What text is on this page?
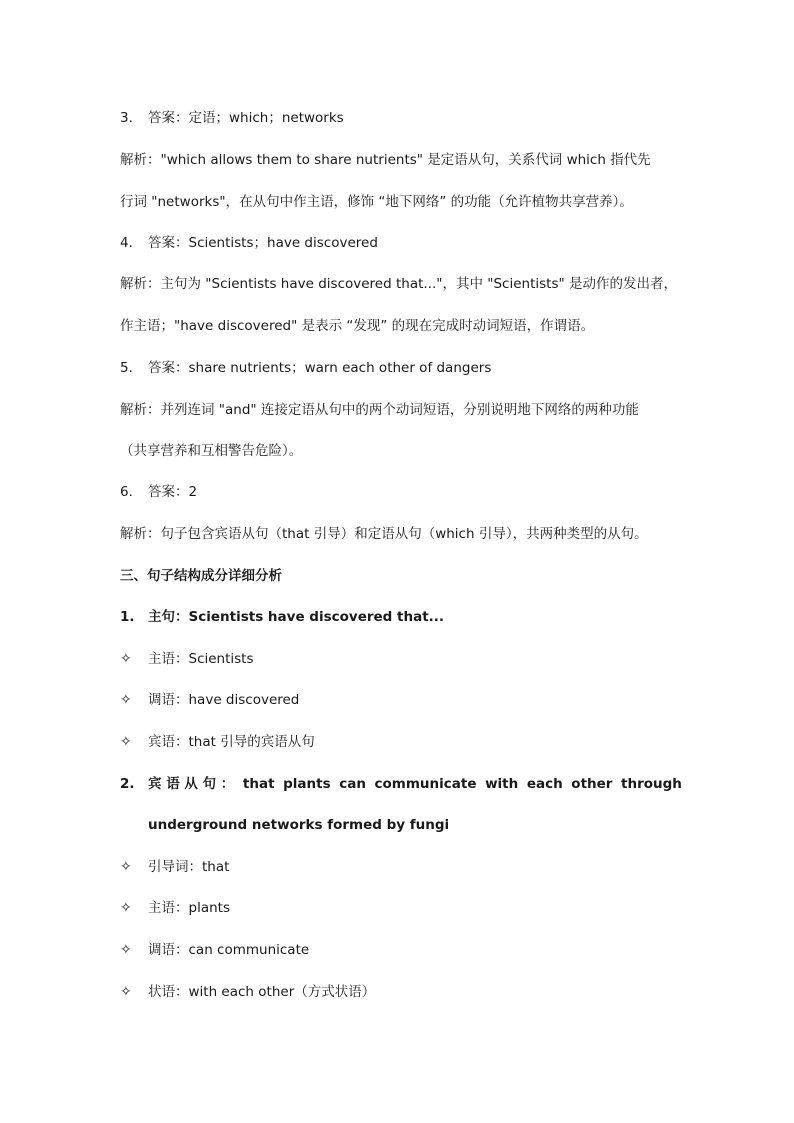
3. 答案：定语；which；networks
解析："which allows them to share nutrients" 是定语从句，关系代词 which 指代先
行词 "networks"，在从句中作主语，修饰 “地下网络” 的功能（允许植物共享营养）。
4. 答案：Scientists；have discovered
解析：主句为 "Scientists have discovered that..."，其中 "Scientists" 是动作的发出者，
作主语；"have discovered" 是表示 “发现” 的现在完成时动词短语，作谓语。
5. 答案：share nutrients；warn each other of dangers
解析：并列连词 "and" 连接定语从句中的两个动词短语，分别说明地下网络的两种功能
（共享营养和互相警告危险）。
6. 答案：2
解析：句子包含宾语从句（that 引导）和定语从句（which 引导），共两种类型的从句。
三、句子结构成分详细分析
1. 主句：Scientists have discovered that...
✧ 主语：Scientists
✧ 调语：have discovered
✧ 宾语：that 引导的宾语从句
2. 宾 语 从 句 ： that plants can communicate with each other through
underground networks formed by fungi
✧ 引导词：that
✧ 主语：plants
✧ 调语：can communicate
✧ 状语：with each other（方式状语）
